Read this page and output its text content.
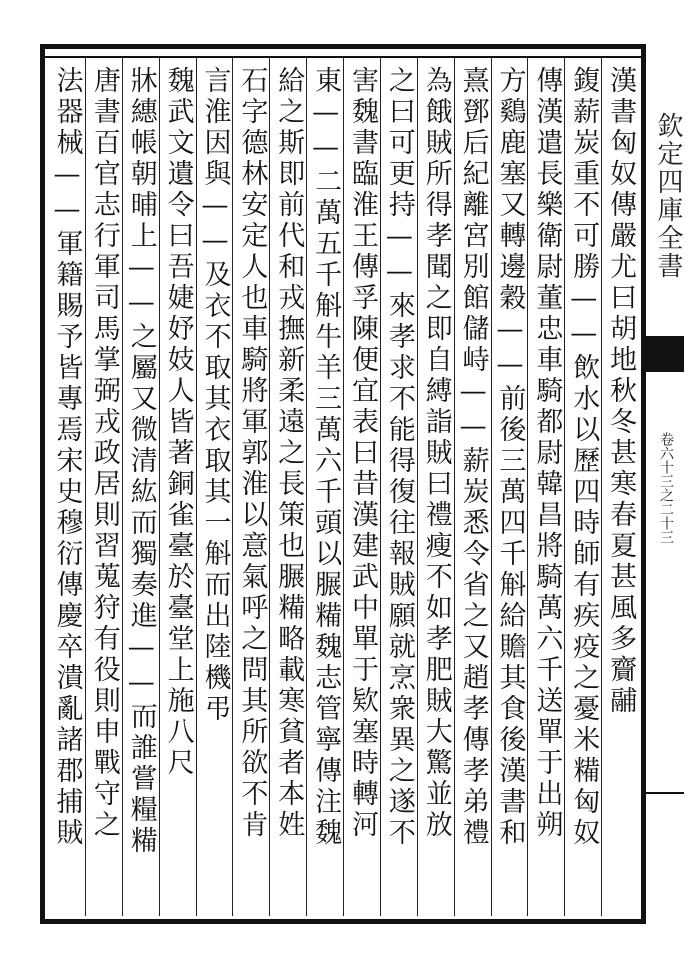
漢書匈奴傳嚴尤曰胡地秋冬甚寒春夏甚風多齎鬴
鍑薪炭重不可勝——飲水以歷四時師有疾疫之憂米糒匈奴
傳漢遣長樂衛尉董忠車騎都尉韓昌將騎萬六千送單于出朔
方鷄鹿塞又轉邊穀——前後三萬四千斛給贍其食後漢書和
熹鄧后紀離宮別館儲峙——薪炭悉令省之又趙孝傳孝弟禮
為餓賊所得孝聞之即自縛詣賊曰禮瘦不如孝肥賊大驚並放
之曰可更持——來孝求不能得復往報賊願就烹衆異之遂不
害魏書臨淮王傳孚陳便宜表曰昔漢建武中單于欵塞時轉河
東——二萬五千斛牛羊三萬六千頭以𦟌糒魏志管寧傳注魏
給之斯即前代和戎撫新柔遠之長策也𦟌糒略載寒貧者本姓
石字德林安定人也車騎將軍郭淮以意氣呼之問其所欲不肯
言淮因與——及衣不取其衣取其一斛而出陸機弔
魏武文遺令曰吾婕妤妓人皆著銅雀臺於臺堂上施八尺
牀繐帳朝晡上——之屬又微清紘而獨奏進——而誰嘗糧糒
唐書百官志行軍司馬掌弼戎政居則習蒐狩有役則申戰守之
法器械——軍籍賜予皆專焉宋史穆衍傳慶卒潰亂諸郡捕賊	欽定四庫全書
卷六十三之二十三
